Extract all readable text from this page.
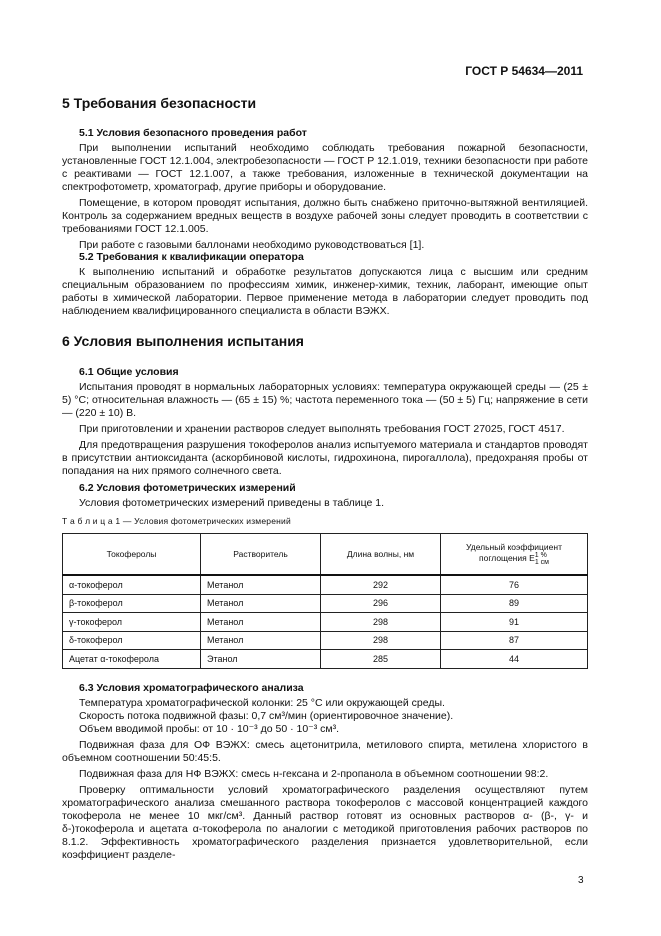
ГОСТ Р 54634—2011
5 Требования безопасности
5.1 Условия безопасного проведения работ

При выполнении испытаний необходимо соблюдать требования пожарной безопасности, установленные ГОСТ 12.1.004, электробезопасности — ГОСТ Р 12.1.019, техники безопасности при работе с реактивами — ГОСТ 12.1.007, а также требования, изложенные в технической документации на спектрофотометр, хроматограф, другие приборы и оборудование.

Помещение, в котором проводят испытания, должно быть снабжено приточно-вытяжной вентиляцией. Контроль за содержанием вредных веществ в воздухе рабочей зоны следует проводить в соответствии с требованиями ГОСТ 12.1.005.

При работе с газовыми баллонами необходимо руководствоваться [1].

5.2 Требования к квалификации оператора

К выполнению испытаний и обработке результатов допускаются лица с высшим или средним специальным образованием по профессиям химик, инженер-химик, техник, лаборант, имеющие опыт работы в химической лаборатории. Первое применение метода в лаборатории следует проводить под наблюдением квалифицированного специалиста в области ВЭЖХ.

6 Условия выполнения испытания
6.1 Общие условия

Испытания проводят в нормальных лабораторных условиях: температура окружающей среды — (25 ± 5) °С; относительная влажность — (65 ± 15) %; частота переменного тока — (50 ± 5) Гц; напряжение в сети — (220 ± 10) В.

При приготовлении и хранении растворов следует выполнять требования ГОСТ 27025, ГОСТ 4517.

Для предотвращения разрушения токоферолов анализ испытуемого материала и стандартов проводят в присутствии антиоксиданта (аскорбиновой кислоты, гидрохинона, пирогаллола), предохраняя пробы от попадания на них прямого солнечного света.

6.2 Условия фотометрических измерений

Условия фотометрических измерений приведены в таблице 1.

Т а б л и ц а 1 — Условия фотометрических измерений
Токоферолы	Растворитель	Длина волны, нм	Удельный коэффициент поглощения $E^{1 \%}_{1 см}$
α-токоферол	Метанол	292	76
β-токоферол	Метанол	296	89
γ-токоферол	Метанол	298	91
δ-токоферол	Метанол	298	87
Ацетат α-токоферола	Этанол	285	44
6.3 Условия хроматографического анализа

Температура хроматографической колонки: 25 °С или окружающей среды.

Скорость потока подвижной фазы: 0,7 см³/мин (ориентировочное значение).

Объем вводимой пробы: от 10 · 10⁻³ до 50 · 10⁻³ см³.

Подвижная фаза для ОФ ВЭЖХ: смесь ацетонитрила, метилового спирта, метилена хлористого в объемном соотношении 50:45:5.

Подвижная фаза для НФ ВЭЖХ: смесь н-гексана и 2-пропанола в объемном соотношении 98:2.

Проверку оптимальности условий хроматографического разделения осуществляют путем хроматографического анализа смешанного раствора токоферолов с массовой концентрацией каждого токоферола не менее 10 мкг/см³. Данный раствор готовят из основных растворов α- (β-, γ- и δ-)токоферола и ацетата α-токоферола по аналогии с методикой приготовления рабочих растворов по 8.1.2. Эффективность хроматографического разделения признается удовлетворительной, если коэффициент разделе-

3
